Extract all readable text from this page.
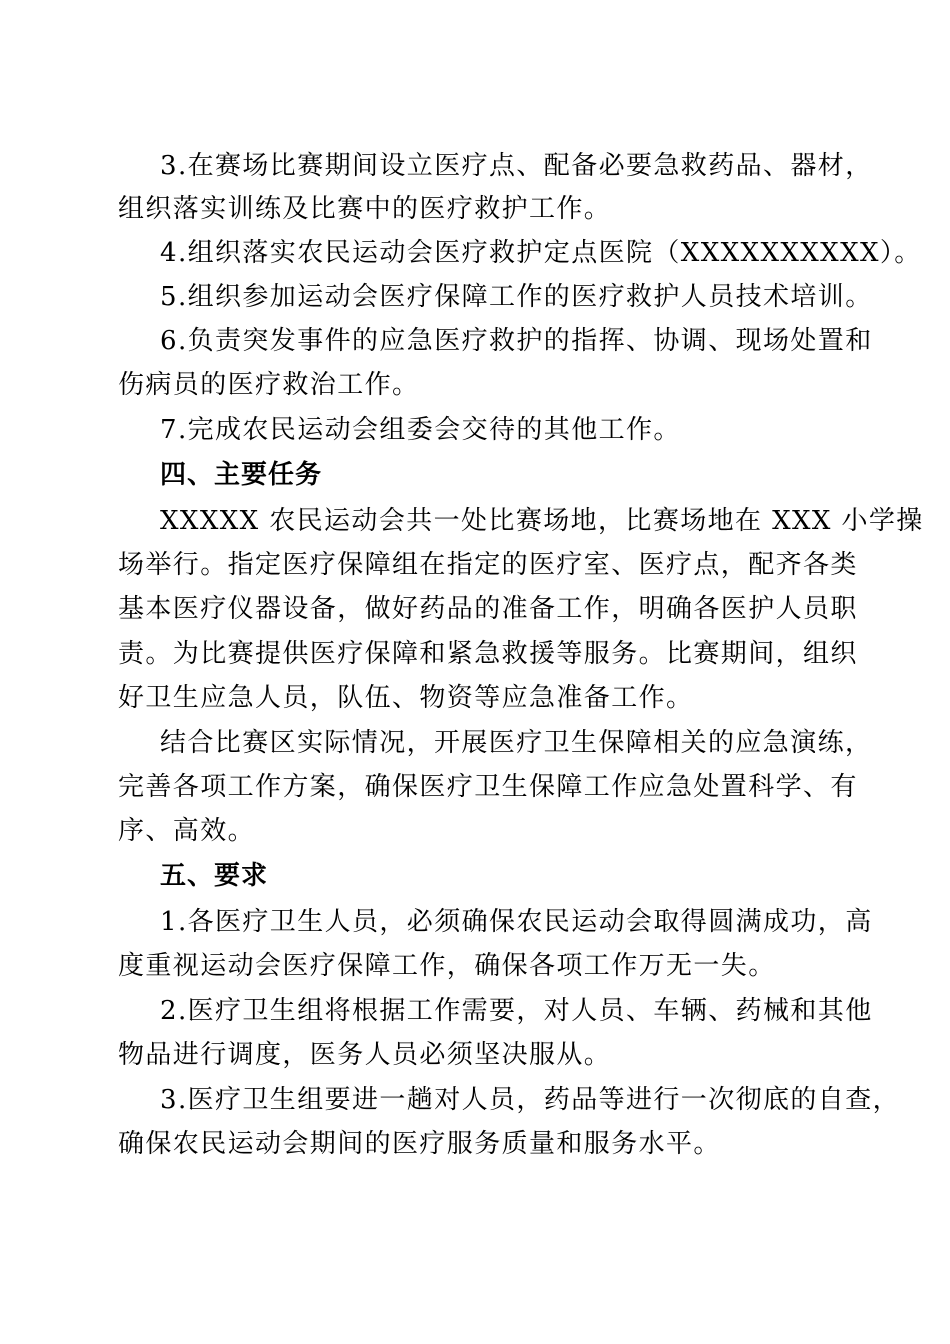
3.在赛场比赛期间设立医疗点、配备必要急救药品、器材，
组织落实训练及比赛中的医疗救护工作。
4.组织落实农民运动会医疗救护定点医院（XXXXXXXXXX）。
5.组织参加运动会医疗保障工作的医疗救护人员技术培训。
6.负责突发事件的应急医疗救护的指挥、协调、现场处置和
伤病员的医疗救治工作。
7.完成农民运动会组委会交待的其他工作。
四、主要任务
XXXXX 农民运动会共一处比赛场地，比赛场地在 XXX 小学操
场举行。指定医疗保障组在指定的医疗室、医疗点，配齐各类
基本医疗仪器设备，做好药品的准备工作，明确各医护人员职
责。为比赛提供医疗保障和紧急救援等服务。比赛期间，组织
好卫生应急人员，队伍、物资等应急准备工作。
结合比赛区实际情况，开展医疗卫生保障相关的应急演练，
完善各项工作方案，确保医疗卫生保障工作应急处置科学、有
序、高效。
五、要求
1.各医疗卫生人员，必须确保农民运动会取得圆满成功，高
度重视运动会医疗保障工作，确保各项工作万无一失。
2.医疗卫生组将根据工作需要，对人员、车辆、药械和其他
物品进行调度，医务人员必须坚决服从。
3.医疗卫生组要进一趟对人员，药品等进行一次彻底的自查，
确保农民运动会期间的医疗服务质量和服务水平。
